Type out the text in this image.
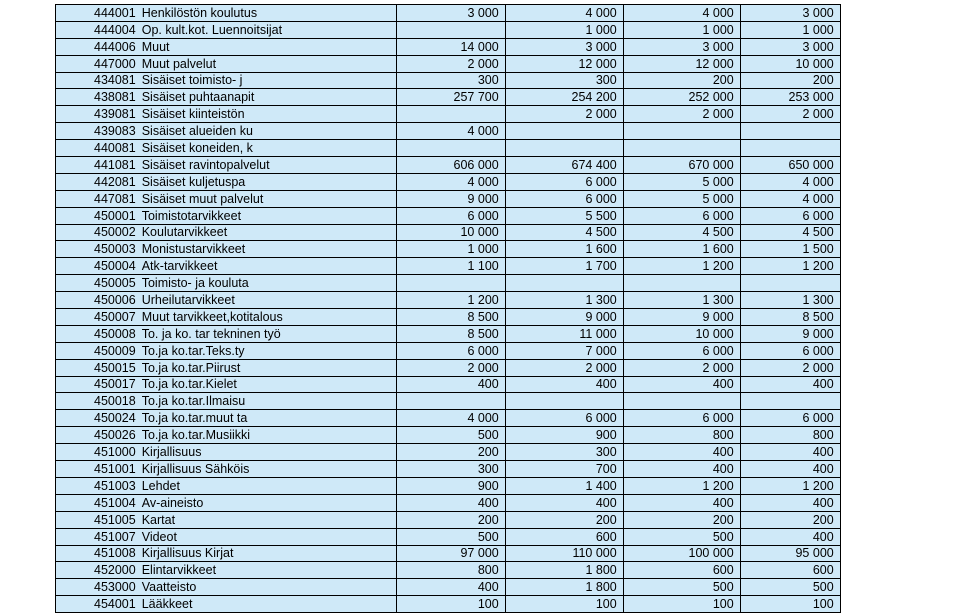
444001	Henkilöstön koulutus	3 000	4 000	4 000	3 000
444004	Op. kult.kot. Luennoitsijat		1 000	1 000	1 000
444006	Muut	14 000	3 000	3 000	3 000
447000	Muut palvelut	2 000	12 000	12 000	10 000
434081	Sisäiset toimisto- j	300	300	200	200
438081	Sisäiset puhtaanapit	257 700	254 200	252 000	253 000
439081	Sisäiset kiinteistön		2 000	2 000	2 000
439083	Sisäiset alueiden ku	4 000			
440081	Sisäiset koneiden, k				
441081	Sisäiset ravintopalvelut	606 000	674 400	670 000	650 000
442081	Sisäiset kuljetuspa	4 000	6 000	5 000	4 000
447081	Sisäiset muut palvelut	9 000	6 000	5 000	4 000
450001	Toimistotarvikkeet	6 000	5 500	6 000	6 000
450002	Koulutarvikkeet	10 000	4 500	4 500	4 500
450003	Monistustarvikkeet	1 000	1 600	1 600	1 500
450004	Atk-tarvikkeet	1 100	1 700	1 200	1 200
450005	Toimisto- ja kouluta				
450006	Urheilutarvikkeet	1 200	1 300	1 300	1 300
450007	Muut tarvikkeet,kotitalous	8 500	9 000	9 000	8 500
450008	To. ja ko. tar tekninen työ	8 500	11 000	10 000	9 000
450009	To.ja ko.tar.Teks.ty	6 000	7 000	6 000	6 000
450015	To.ja ko.tar.Piirust	2 000	2 000	2 000	2 000
450017	To.ja ko.tar.Kielet	400	400	400	400
450018	To.ja ko.tar.Ilmaisu				
450024	To.ja ko.tar.muut ta	4 000	6 000	6 000	6 000
450026	To.ja ko.tar.Musiikki	500	900	800	800
451000	Kirjallisuus	200	300	400	400
451001	Kirjallisuus Sähköis	300	700	400	400
451003	Lehdet	900	1 400	1 200	1 200
451004	Av-aineisto	400	400	400	400
451005	Kartat	200	200	200	200
451007	Videot	500	600	500	400
451008	Kirjallisuus Kirjat	97 000	110 000	100 000	95 000
452000	Elintarvikkeet	800	1 800	600	600
453000	Vaatteisto	400	1 800	500	500
454001	Lääkkeet	100	100	100	100
